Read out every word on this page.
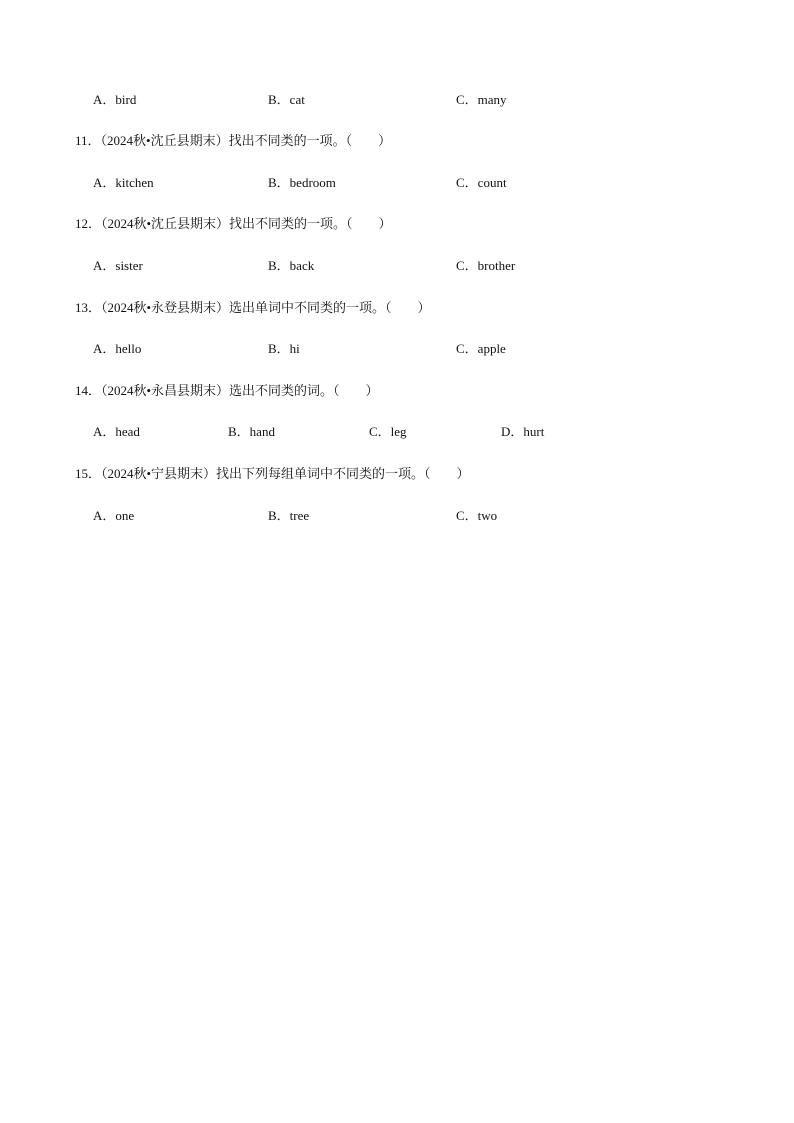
A．bird	B．cat	C．many
11．（2024秋•沈丘县期末）找出不同类的一项。（　　）
A．kitchen	B．bedroom	C．count
12．（2024秋•沈丘县期末）找出不同类的一项。（　　）
A．sister	B．back	C．brother
13．（2024秋•永登县期末）选出单词中不同类的一项。（　　）
A．hello	B．hi	C．apple
14．（2024秋•永昌县期末）选出不同类的词。（　　）
A．head	B．hand	C．leg	D．hurt
15．（2024秋•宁县期末）找出下列每组单词中不同类的一项。（　　）
A．one	B．tree	C．two
